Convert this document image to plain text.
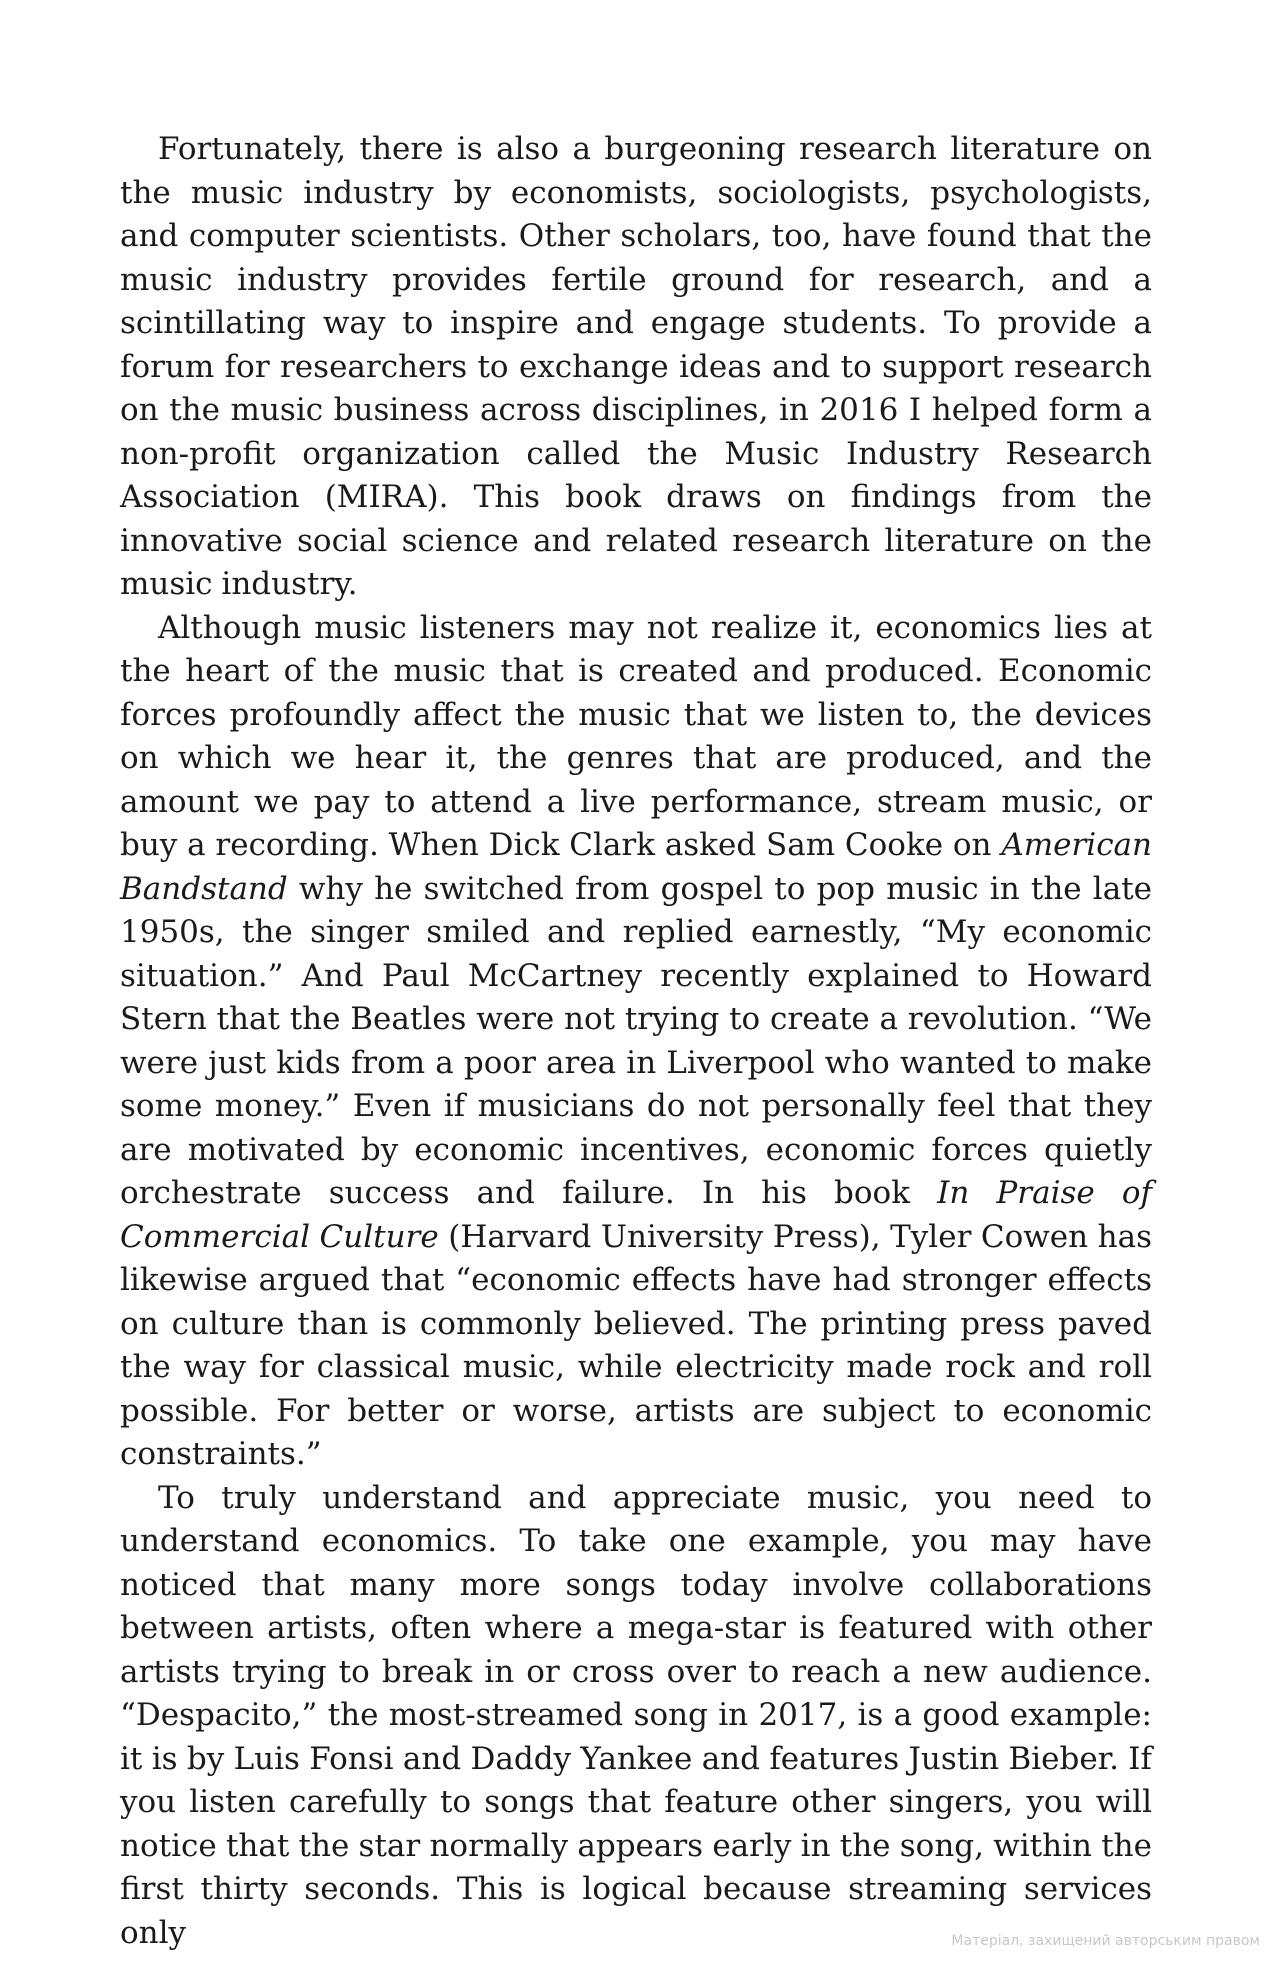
Fortunately, there is also a burgeoning research literature on the music industry by economists, sociologists, psychologists, and computer scientists. Other scholars, too, have found that the music industry provides fertile ground for research, and a scintillating way to inspire and engage students. To provide a forum for researchers to exchange ideas and to support research on the music business across disciplines, in 2016 I helped form a non-profit organization called the Music Industry Research Association (MIRA). This book draws on findings from the innovative social science and related research literature on the music industry.

Although music listeners may not realize it, economics lies at the heart of the music that is created and produced. Economic forces profoundly affect the music that we listen to, the devices on which we hear it, the genres that are produced, and the amount we pay to attend a live performance, stream music, or buy a recording. When Dick Clark asked Sam Cooke on American Bandstand why he switched from gospel to pop music in the late 1950s, the singer smiled and replied earnestly, “My economic situation.” And Paul McCartney recently explained to Howard Stern that the Beatles were not trying to create a revolution. “We were just kids from a poor area in Liverpool who wanted to make some money.” Even if musicians do not personally feel that they are motivated by economic incentives, economic forces quietly orchestrate success and failure. In his book In Praise of Commercial Culture (Harvard University Press), Tyler Cowen has likewise argued that “economic effects have had stronger effects on culture than is commonly believed. The printing press paved the way for classical music, while electricity made rock and roll possible. For better or worse, artists are subject to economic constraints.”

To truly understand and appreciate music, you need to understand economics. To take one example, you may have noticed that many more songs today involve collaborations between artists, often where a mega-star is featured with other artists trying to break in or cross over to reach a new audience. “Despacito,” the most-streamed song in 2017, is a good example: it is by Luis Fonsi and Daddy Yankee and features Justin Bieber. If you listen carefully to songs that feature other singers, you will notice that the star normally appears early in the song, within the first thirty seconds. This is logical because streaming services only	Матеріал, захищений авторським правом
